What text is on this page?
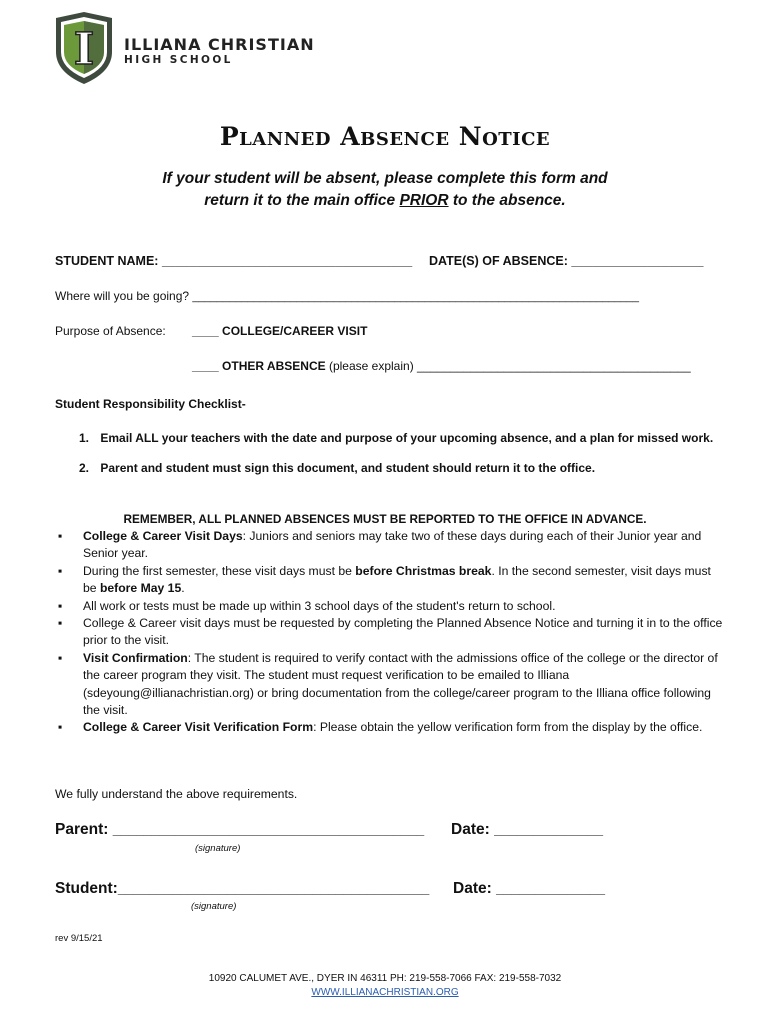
I ILLIANA CHRISTIAN
HIGH SCHOOL
Planned Absence Notice
If your student will be absent, please complete this form and
return it to the main office PRIOR to the absence.
STUDENT NAME: ____________________________________ DATE(S) OF ABSENCE: ___________________
Where will you be going? _________________________________________________________________________
Purpose of Absence: ____ COLLEGE/CAREER VISIT
____ OTHER ABSENCE (please explain) _________________________________________
Student Responsibility Checklist-
1. Email ALL your teachers with the date and purpose of your upcoming absence, and a plan for missed work.
2. Parent and student must sign this document, and student should return it to the office.
REMEMBER, ALL PLANNED ABSENCES MUST BE REPORTED TO THE OFFICE IN ADVANCE.
▪ College & Career Visit Days: Juniors and seniors may take two of these days during each of their Junior year and Senior year.
▪ During the first semester, these visit days must be before Christmas break. In the second semester, visit days must be before May 15.
▪ All work or tests must be made up within 3 school days of the student's return to school.
▪ College & Career visit days must be requested by completing the Planned Absence Notice and turning it in to the office prior to the visit.
▪ Visit Confirmation: The student is required to verify contact with the admissions office of the college or the director of the career program they visit. The student must request verification to be emailed to Illiana (sdeyoung@illianachristian.org) or bring documentation from the college/career program to the Illiana office following the visit.
▪ College & Career Visit Verification Form: Please obtain the yellow verification form from the display by the office.
We fully understand the above requirements.
Parent: ________________________________________ Date: ______________
(signature)
Student:________________________________________ Date: ______________
(signature)
rev 9/15/21
10920 CALUMET AVE., DYER IN 46311 PH: 219-558-7066 FAX: 219-558-7032
WWW.ILLIANACHRISTIAN.ORG
